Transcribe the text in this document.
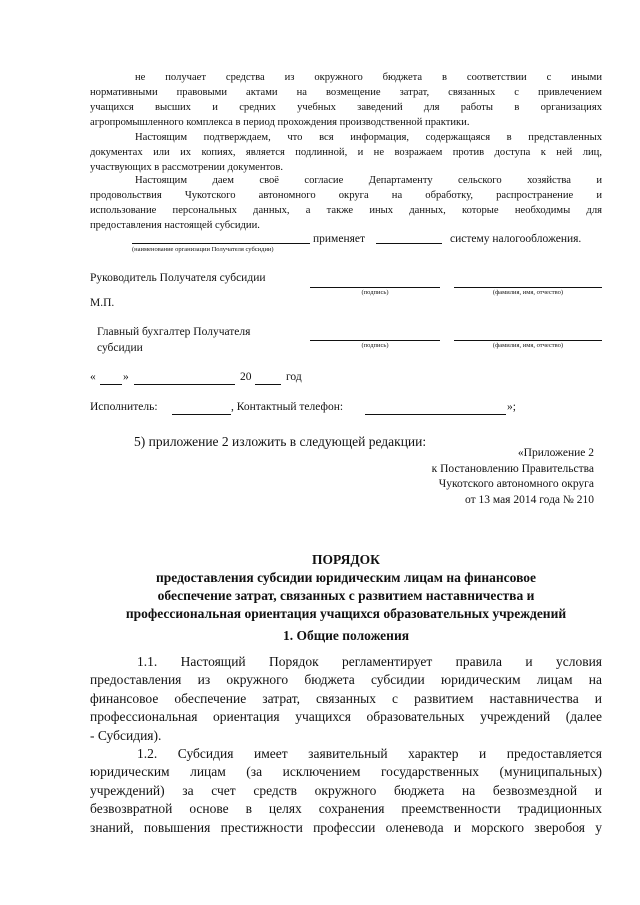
не получает средства из окружного бюджета в соответствии с иными
нормативными правовыми актами на возмещение затрат, связанных с привлечением
учащихся высших и средних учебных заведений для работы в организациях
агропромышленного комплекса в период прохождения производственной практики.
Настоящим подтверждаем, что вся информация, содержащаяся в представленных
документах или их копиях, является подлинной, и не возражаем против доступа к ней лиц,
участвующих в рассмотрении документов.
Настоящим даем своё согласие Департаменту сельского хозяйства и
продовольствия Чукотского автономного округа на обработку, распространение и
использование персональных данных, а также иных данных, которые необходимы для
предоставления настоящей субсидии.
применяет	систему налогообложения.
(наименование организации Получателя субсидии)
Руководитель Получателя субсидии
(подпись)	(фамилия, имя, отчество)
М.П.
Главный бухгалтер Получателя
субсидии	(подпись)	(фамилия, имя, отчество)
« »	20	год
Исполнитель:	, Контактный телефон:	»;
5) приложение 2 изложить в следующей редакции:
«Приложение 2
к Постановлению Правительства
Чукотского автономного округа
от 13 мая 2014 года № 210
ПОРЯДОК
предоставления субсидии юридическим лицам на финансовое
обеспечение затрат, связанных с развитием наставничества и
профессиональная ориентация учащихся образовательных учреждений
1. Общие положения
1.1. Настоящий Порядок регламентирует правила и условия
предоставления из окружного бюджета субсидии юридическим лицам на
финансовое обеспечение затрат, связанных с развитием наставничества и
профессиональная ориентация учащихся образовательных учреждений (далее
- Субсидия).
1.2. Субсидия имеет заявительный характер и предоставляется
юридическим лицам (за исключением государственных (муниципальных)
учреждений) за счет средств окружного бюджета на безвозмездной и
безвозвратной основе в целях сохранения преемственности традиционных
знаний, повышения престижности профессии оленевода и морского зверобоя у
